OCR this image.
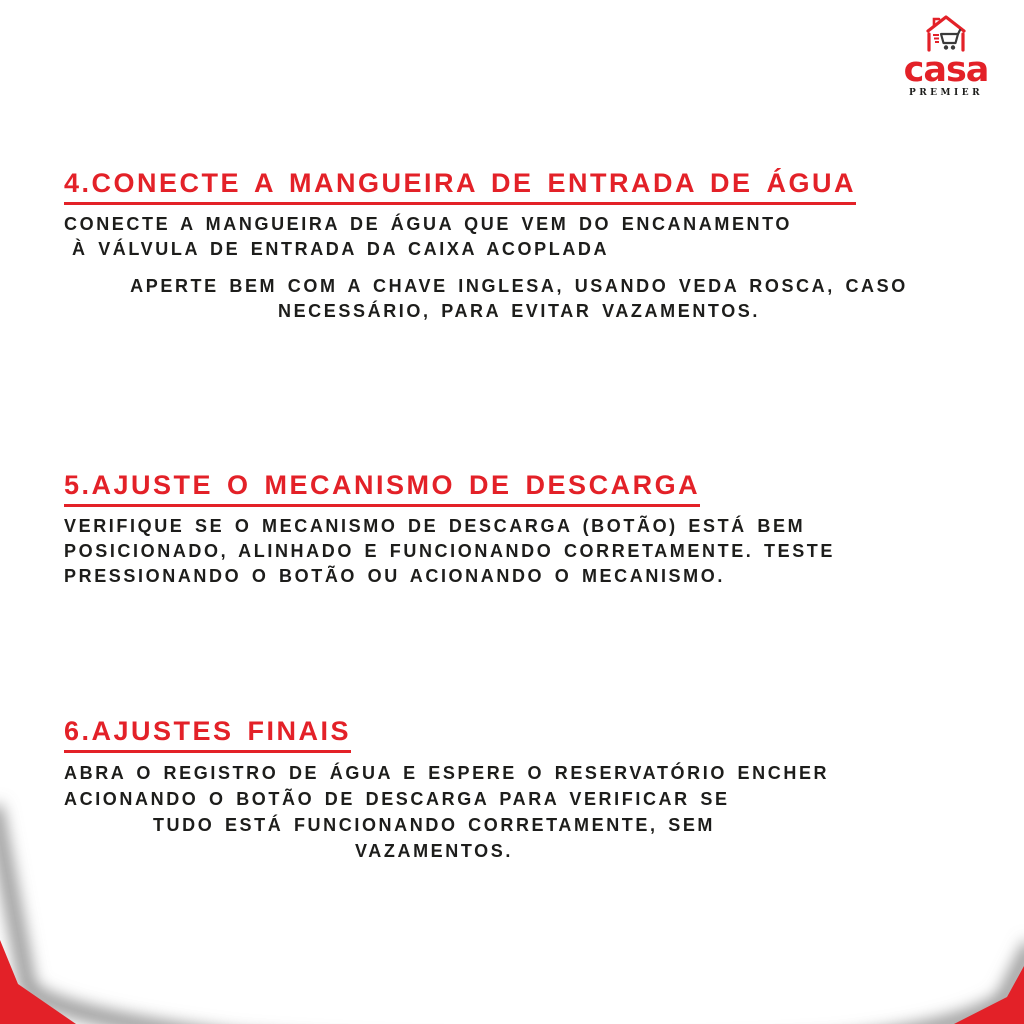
casa
PREMIER
4.CONECTE A MANGUEIRA DE ENTRADA DE ÁGUA

CONECTE A MANGUEIRA DE ÁGUA QUE VEM DO ENCANAMENTO
À VÁLVULA DE ENTRADA DA CAIXA ACOPLADA

APERTE BEM COM A CHAVE INGLESA, USANDO VEDA ROSCA, CASO
NECESSÁRIO, PARA EVITAR VAZAMENTOS.

5.AJUSTE O MECANISMO DE DESCARGA

VERIFIQUE SE O MECANISMO DE DESCARGA (BOTÃO) ESTÁ BEM
POSICIONADO, ALINHADO E FUNCIONANDO CORRETAMENTE. TESTE
PRESSIONANDO O BOTÃO OU ACIONANDO O MECANISMO.

6.AJUSTES FINAIS

ABRA O REGISTRO DE ÁGUA E ESPERE O RESERVATÓRIO ENCHER
ACIONANDO O BOTÃO DE DESCARGA PARA VERIFICAR SE

TUDO ESTÁ FUNCIONANDO CORRETAMENTE, SEM
VAZAMENTOS.
